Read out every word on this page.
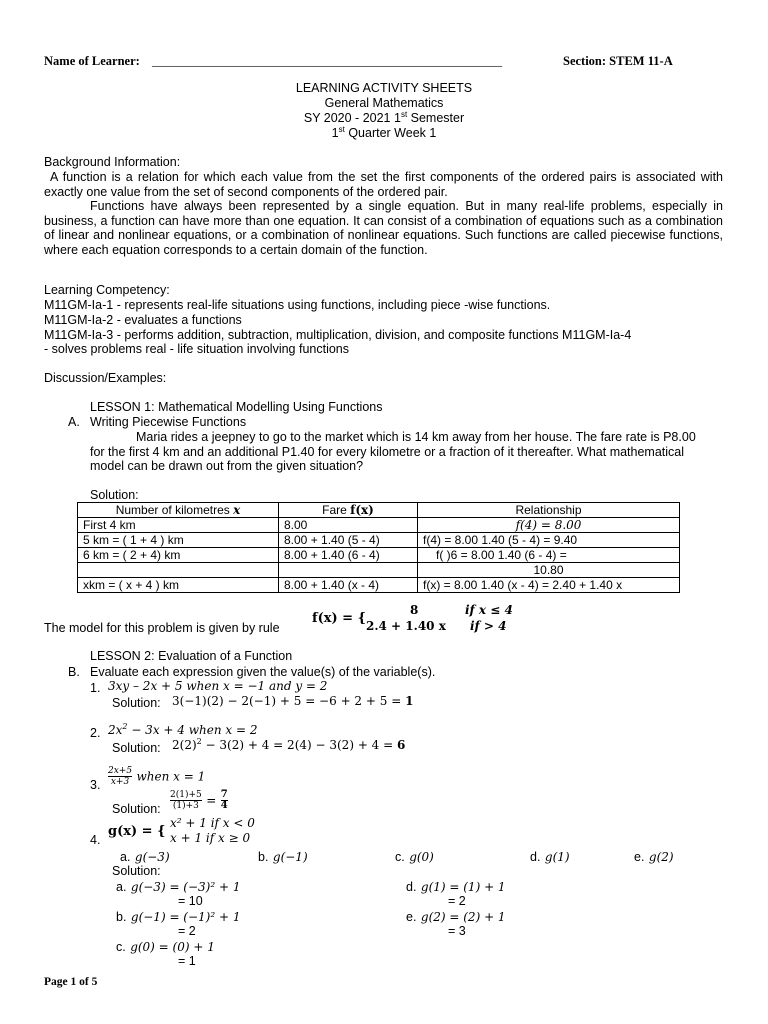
Name of Learner: ________________________________________________________	Section: STEM 11-A
LEARNING ACTIVITY SHEETS
General Mathematics
SY 2020 - 2021 1st Semester
1st Quarter Week 1
Background Information:
A function is a relation for which each value from the set the first components of the ordered pairs is associated with exactly one value from the set of second components of the ordered pair.
Functions have always been represented by a single equation. But in many real-life problems, especially in business, a function can have more than one equation. It can consist of a combination of equations such as a combination of linear and nonlinear equations, or a combination of nonlinear equations. Such functions are called piecewise functions, where each equation corresponds to a certain domain of the function.
Learning Competency:
M11GM-Ia-1 - represents real-life situations using functions, including piece -wise functions.
M11GM-Ia-2 - evaluates a functions
M11GM-Ia-3 - performs addition, subtraction, multiplication, division, and composite functions M11GM-Ia-4
- solves problems real - life situation involving functions
Discussion/Examples:
LESSON 1: Mathematical Modelling Using Functions
A. Writing Piecewise Functions
Maria rides a jeepney to go to the market which is 14 km away from her house. The fare rate is P8.00 for the first 4 km and an additional P1.40 for every kilometre or a fraction of it thereafter. What mathematical model can be drawn out from the given situation?
Solution:
Number of kilometres x	Fare f(x)	Relationship
First 4 km	8.00	f(4) = 8.00
5 km = ( 1 + 4 ) km	8.00 + 1.40 (5 - 4)	f(4) = 8.00 1.40 (5 - 4) = 9.40
6 km = ( 2 + 4) km	8.00 + 1.40 (6 - 4)	f( )6 = 8.00 1.40 (6 - 4) =
		10.80
xkm = ( x + 4 ) km	8.00 + 1.40 (x - 4)	f(x) = 8.00 1.40 (x - 4) = 2.40 + 1.40 x
The model for this problem is given by rule
f(x) = {
8	if x ≤ 4
2.4 + 1.40 x if > 4
LESSON 2: Evaluation of a Function
B. Evaluate each expression given the value(s) of the variable(s).
1. 3xy – 2x + 5 when x = −1 and y = 2
Solution: 3(−1)(2) − 2(−1) + 5 = −6 + 2 + 5 = 1
2. $2x^2 - 3x + 4$ when x = 2
Solution: $2(2)^2 - 3(2) + 4 = 2(4) - 3(2) + 4 = 6$
3. $\frac{2x+5}{x+3}$ when x = 1
Solution: $\frac{2(1)+5}{(1)+3} = \frac{7}{4}$
4.
g(x) = {
x² + 1 if x < 0
x + 1 if x ≥ 0
a. g(−3)	b. g(−1)	c. g(0)	d. g(1)	e. g(2)
Solution:
a. g(−3) = (−3)² + 1
= 10
b. g(−1) = (−1)² + 1
= 2
c. g(0) = (0) + 1
= 1
d. g(1) = (1) + 1
= 2
e. g(2) = (2) + 1
= 3
Page 1 of 5
